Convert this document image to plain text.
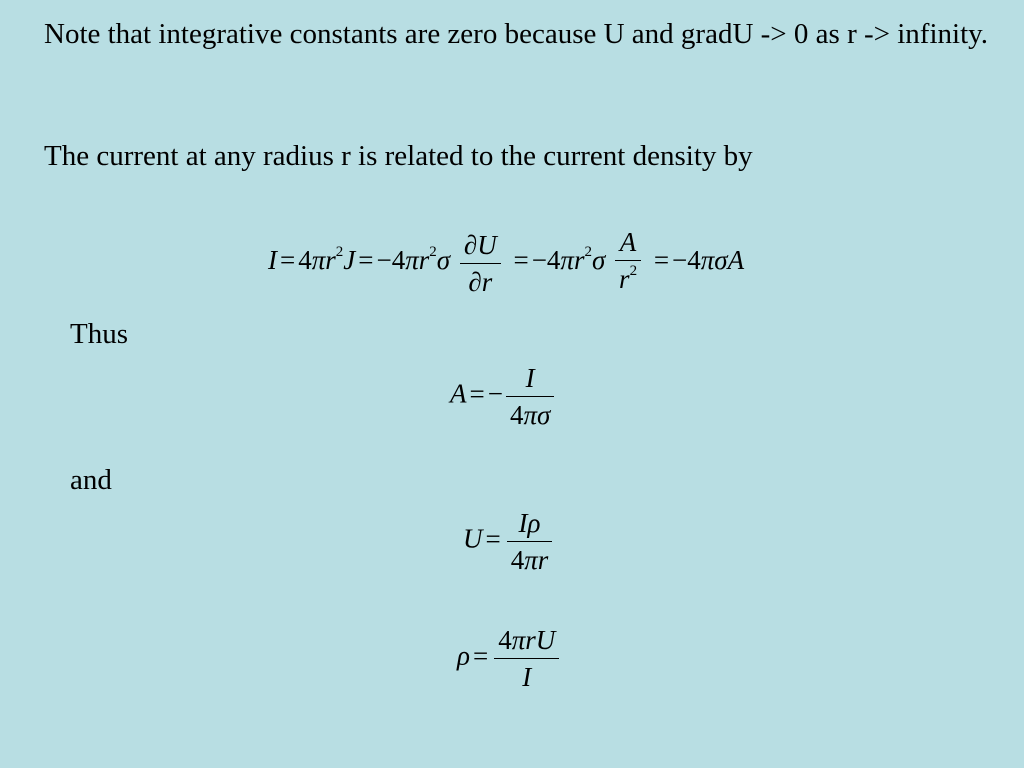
Note that integrative constants are zero because U and gradU -> 0 as r -> infinity.

The current at any radius r is related to the current density by

$I = 4\pi r^2J = -4\pi r^2\sigma \frac{\partial U}{\partial r} = -4\pi r^2\sigma \frac{A}{r^2} = -4\pi\sigma A$

Thus

A = − $\frac{I}{4\pi\sigma}$

and

$U = \frac{I\rho}{4\pi r}$
$\rho = \frac{\text{4πrU}}{I}$
